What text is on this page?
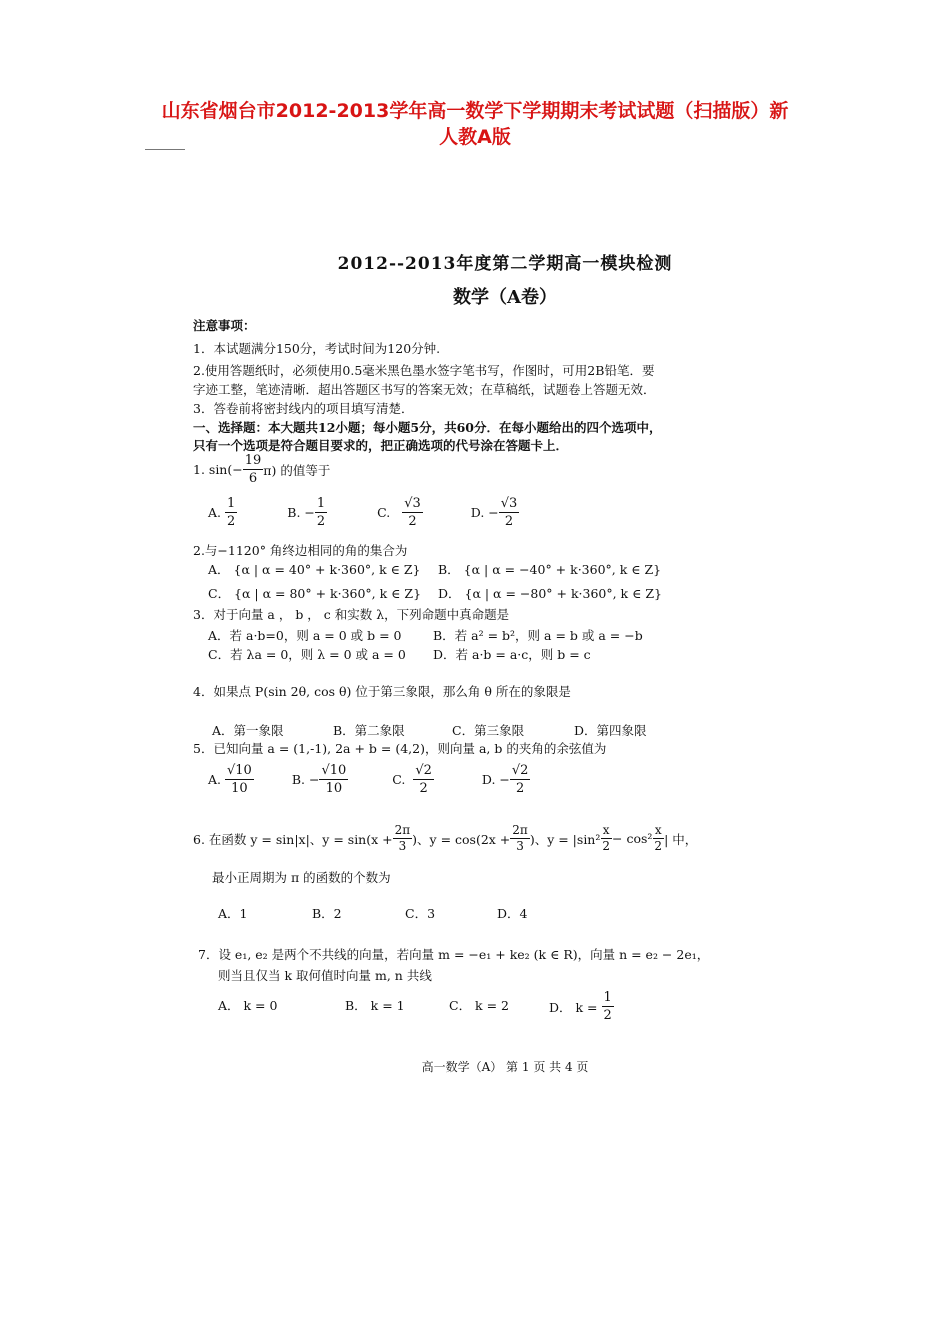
山东省烟台市2012-2013学年高一数学下学期期末考试试题（扫描版）新
人教A版
2012--2013年度第二学期高一模块检测
数学（A卷）
注意事项：
1．本试题满分150分，考试时间为120分钟.
2.使用答题纸时，必须使用0.5毫米黑色墨水签字笔书写，作图时，可用2B铅笔．要
字迹工整，笔迹清晰．超出答题区书写的答案无效；在草稿纸，试题卷上答题无效．
3．答卷前将密封线内的项目填写清楚．
一、选择题：本大题共12小题；每小题5分，共60分．在每小题给出的四个选项中，
只有一个选项是符合题目要求的，把正确选项的代号涂在答题卡上．
1. $\sin(- \frac{19}{6} \pi)$ 的值等于
A.
$\frac{1}{2}$	B. − $\frac{1}{2}$	C.
$\frac{√3}{2}$	D. − $\frac{√3}{2}$
2.与−1120° 角终边相同的角的集合为
A． {α | α = 40° + k·360°, k ∈ Z} B． {α | α = −40° + k·360°, k ∈ Z}
C． {α | α = 80° + k·360°, k ∈ Z} D． {α | α = −80° + k·360°, k ∈ Z}
3．对于向量 a ， b ， c 和实数 λ，下列命题中真命题是
A．若 a·b=0，则 a = 0 或 b = 0	B．若 a² = b²，则 a = b 或 a = −b
C．若 λa = 0，则 λ = 0 或 a = 0 D．若 a·b = a·c，则 b = c
4．如果点 P(sin 2θ, cos θ) 位于第三象限，那么角 θ 所在的象限是
A．第一象限	B．第二象限	C．第三象限	D．第四象限
5．已知向量 a = (1,-1), 2a + b = (4,2)，则向量 a, b 的夹角的余弦值为
A.
$\frac{√10}{10}$	B. − $\frac{√10}{10}$	C.
$\frac{√2}{2}$	D. − $\frac{√2}{2}$
6. 在函数 y = sin|x|、$y = \sin(x + \frac{2\pi}{3}$ )、$y = \cos(2x + \frac{2\pi}{3}$ )、$y = |\sin^2 \frac{x}{2} - \cos^2 \frac{x}{2}$ | 中，
最小正周期为 π 的函数的个数为
A．1	B．2	C．3	D．4
7．设 e₁, e₂ 是两个不共线的向量，若向量 m = −e₁ + ke₂ (k ∈ R)，向量 n = e₂ − 2e₁，
则当且仅当 k 取何值时向量 m, n 共线
A． k = 0	B． k = 1	C． k = 2	D． k =
$\frac{1}{2}$
高一数学（A） 第 1 页 共 4 页
